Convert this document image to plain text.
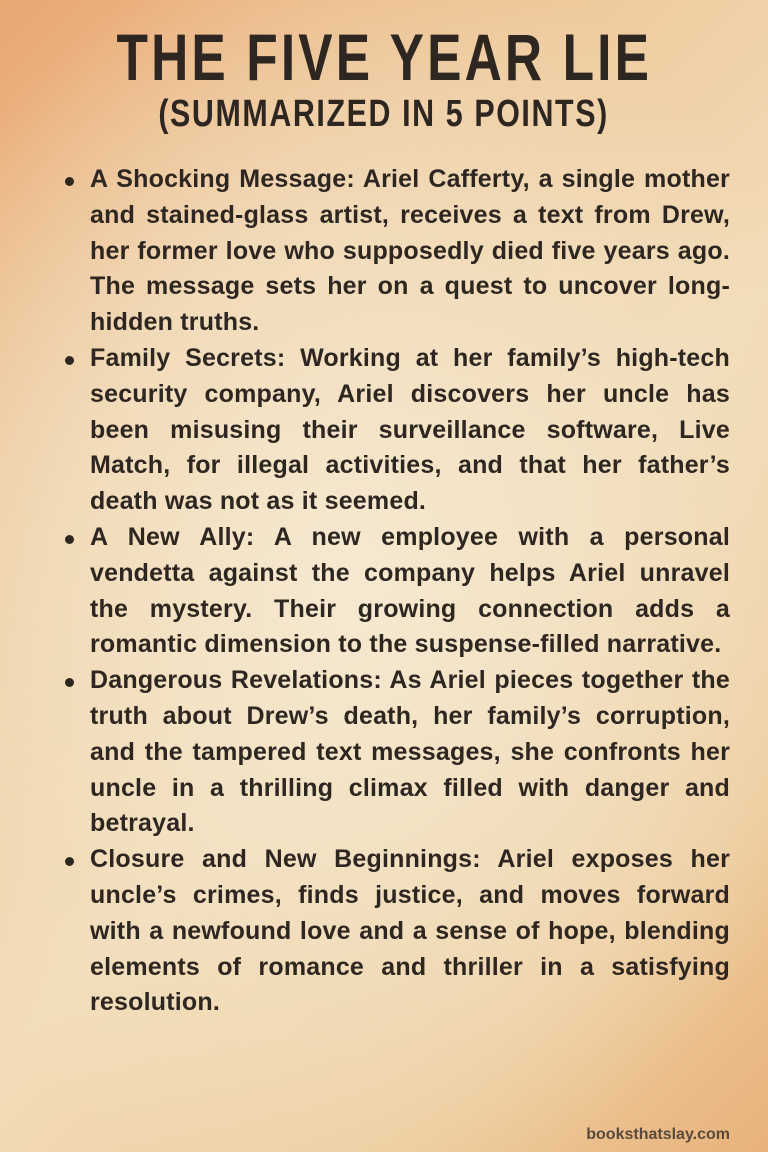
THE FIVE YEAR LIE
(SUMMARIZED IN 5 POINTS)
A Shocking Message: Ariel Cafferty, a single mother and stained-glass artist, receives a text from Drew, her former love who supposedly died five years ago. The message sets her on a quest to uncover long-hidden truths.
Family Secrets: Working at her family’s high-tech security company, Ariel discovers her uncle has been misusing their surveillance software, Live Match, for illegal activities, and that her father’s death was not as it seemed.
A New Ally: A new employee with a personal vendetta against the company helps Ariel unravel the mystery. Their growing connection adds a romantic dimension to the suspense-filled narrative.
Dangerous Revelations: As Ariel pieces together the truth about Drew’s death, her family’s corruption, and the tampered text messages, she confronts her uncle in a thrilling climax filled with danger and betrayal.
Closure and New Beginnings: Ariel exposes her uncle’s crimes, finds justice, and moves forward with a newfound love and a sense of hope, blending elements of romance and thriller in a satisfying resolution.
booksthatslay.com
